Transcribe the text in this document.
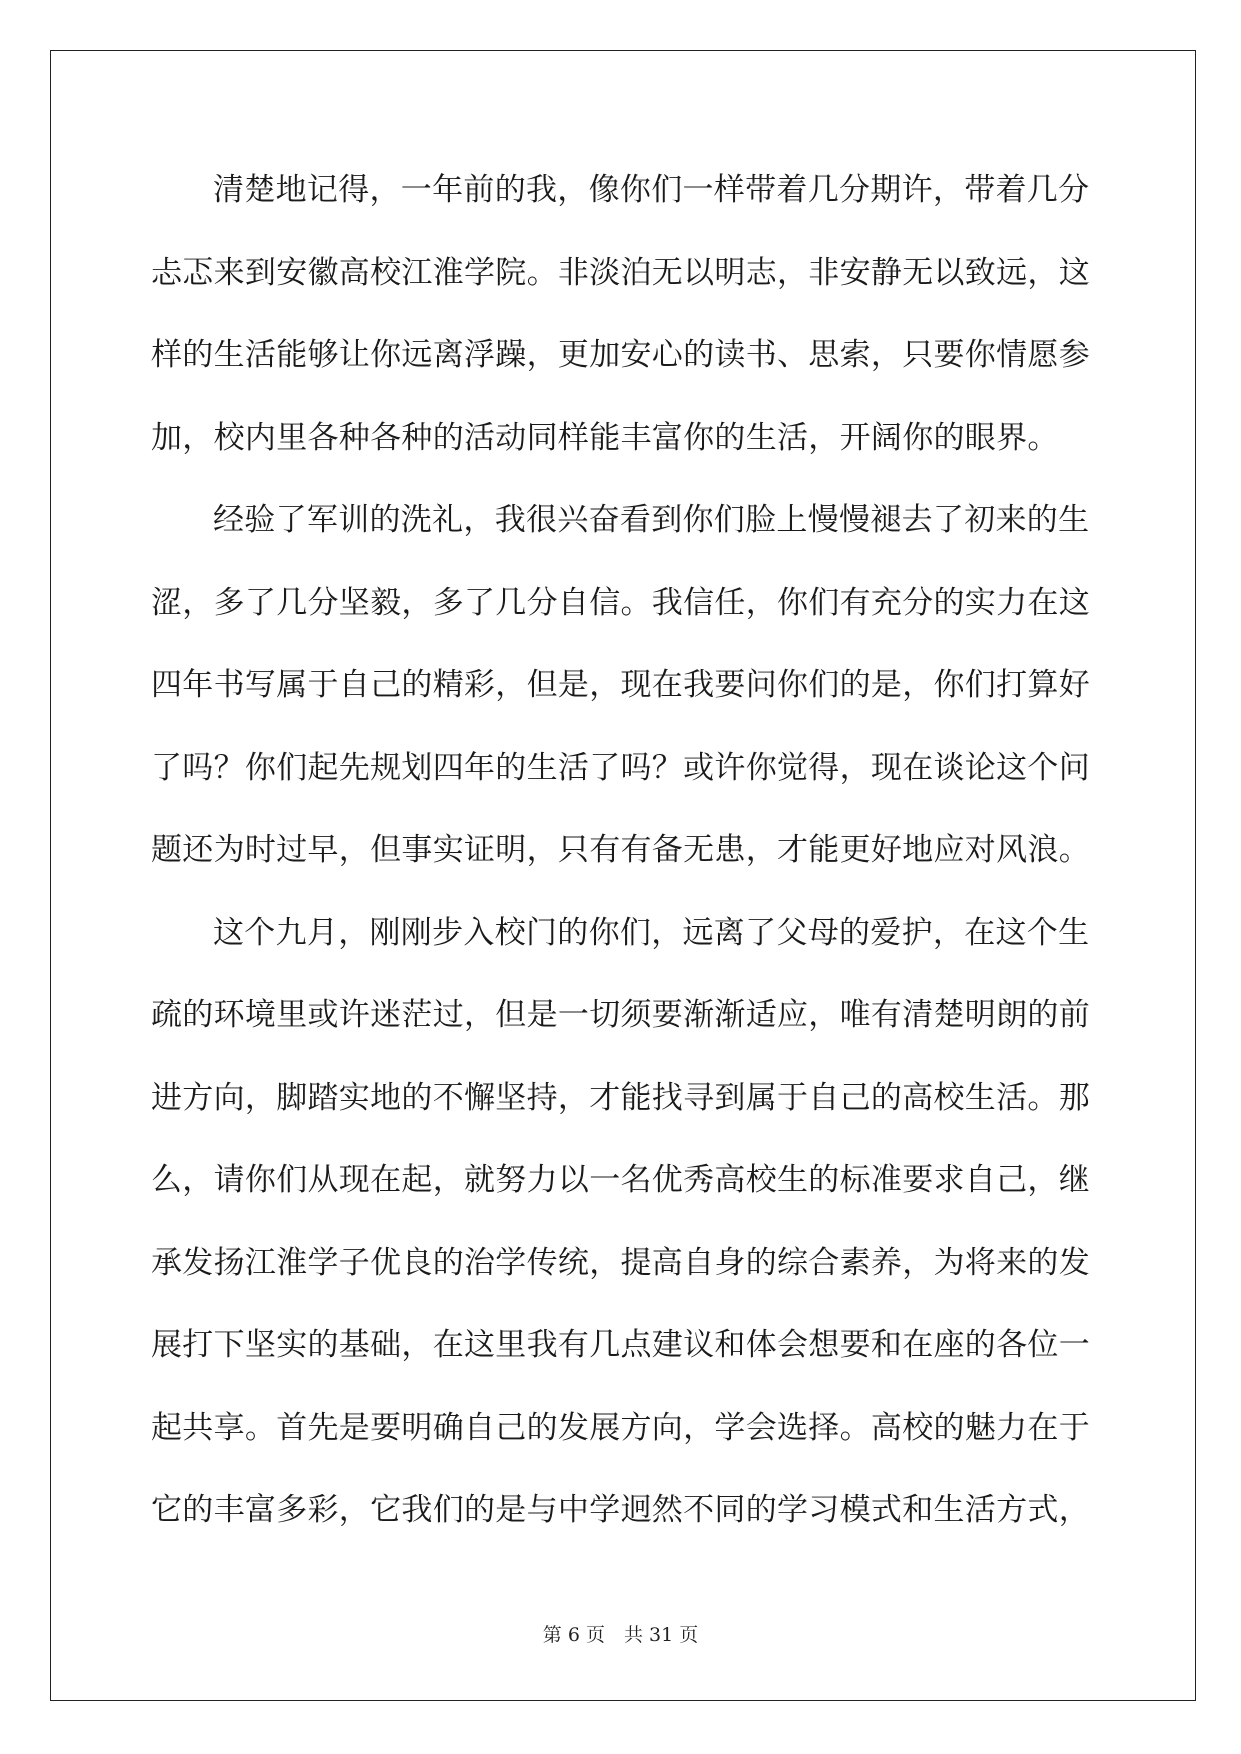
清楚地记得，一年前的我，像你们一样带着几分期许，带着几分
忐忑来到安徽高校江淮学院。非淡泊无以明志，非安静无以致远，这
样的生活能够让你远离浮躁，更加安心的读书、思索，只要你情愿参
加，校内里各种各种的活动同样能丰富你的生活，开阔你的眼界。
经验了军训的洗礼，我很兴奋看到你们脸上慢慢褪去了初来的生
涩，多了几分坚毅，多了几分自信。我信任，你们有充分的实力在这
四年书写属于自己的精彩，但是，现在我要问你们的是，你们打算好
了吗？你们起先规划四年的生活了吗？或许你觉得，现在谈论这个问
题还为时过早，但事实证明，只有有备无患，才能更好地应对风浪。
这个九月，刚刚步入校门的你们，远离了父母的爱护，在这个生
疏的环境里或许迷茫过，但是一切须要渐渐适应，唯有清楚明朗的前
进方向，脚踏实地的不懈坚持，才能找寻到属于自己的高校生活。那
么，请你们从现在起，就努力以一名优秀高校生的标准要求自己，继
承发扬江淮学子优良的治学传统，提高自身的综合素养，为将来的发
展打下坚实的基础，在这里我有几点建议和体会想要和在座的各位一
起共享。首先是要明确自己的发展方向，学会选择。高校的魅力在于
它的丰富多彩，它我们的是与中学迥然不同的学习模式和生活方式，
第 6 页　共 31 页
